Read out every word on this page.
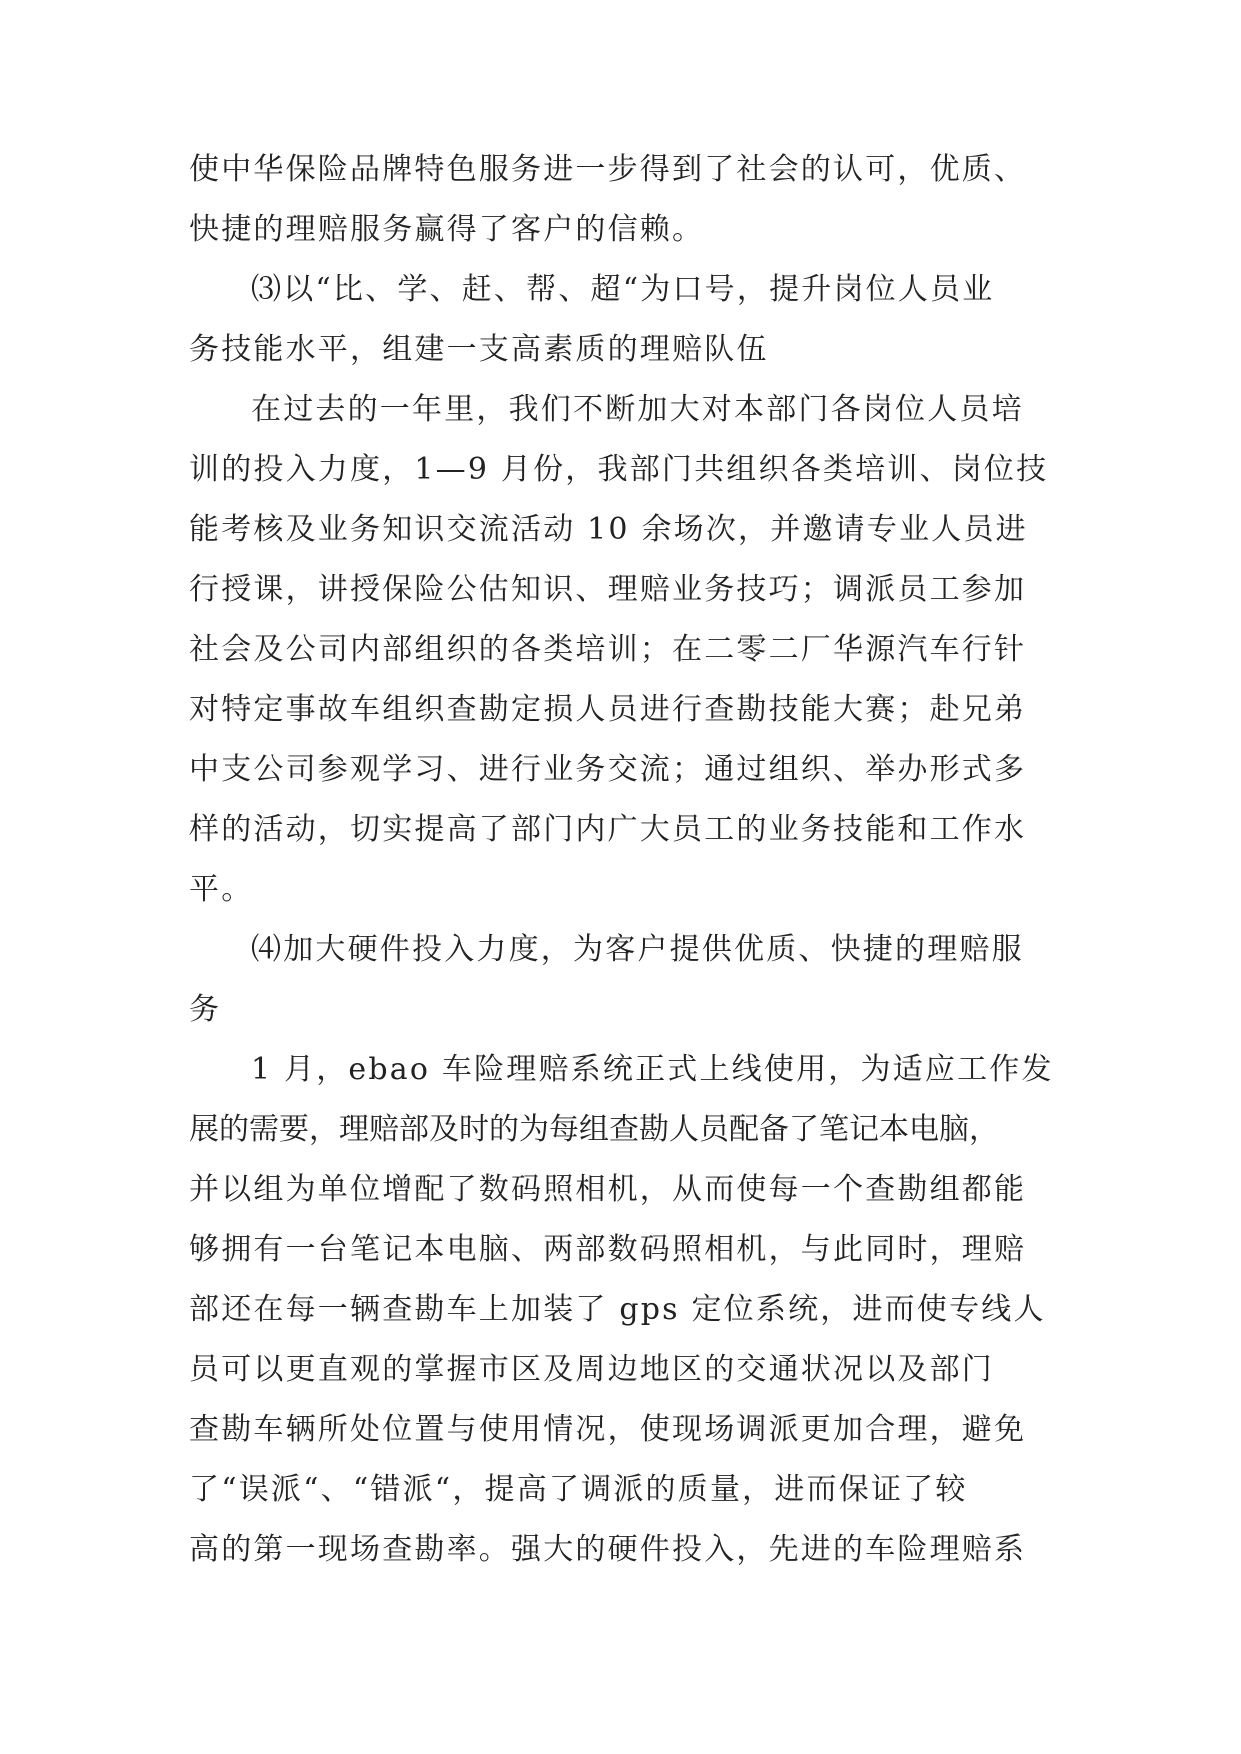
使中华保险品牌特色服务进一步得到了社会的认可，优质、
快捷的理赔服务赢得了客户的信赖。
⑶以“比、学、赶、帮、超“为口号，提升岗位人员业
务技能水平，组建一支高素质的理赔队伍
在过去的一年里，我们不断加大对本部门各岗位人员培
训的投入力度，1—9 月份，我部门共组织各类培训、岗位技
能考核及业务知识交流活动 10 余场次，并邀请专业人员进
行授课，讲授保险公估知识、理赔业务技巧；调派员工参加
社会及公司内部组织的各类培训；在二零二厂华源汽车行针
对特定事故车组织查勘定损人员进行查勘技能大赛；赴兄弟
中支公司参观学习、进行业务交流；通过组织、举办形式多
样的活动，切实提高了部门内广大员工的业务技能和工作水
平。
⑷加大硬件投入力度，为客户提供优质、快捷的理赔服
务
1 月，ebao 车险理赔系统正式上线使用，为适应工作发
展的需要，理赔部及时的为每组查勘人员配备了笔记本电脑，
并以组为单位增配了数码照相机，从而使每一个查勘组都能
够拥有一台笔记本电脑、两部数码照相机，与此同时，理赔
部还在每一辆查勘车上加装了 gps 定位系统，进而使专线人
员可以更直观的掌握市区及周边地区的交通状况以及部门
查勘车辆所处位置与使用情况，使现场调派更加合理，避免
了“误派“、“错派“，提高了调派的质量，进而保证了较
高的第一现场查勘率。强大的硬件投入，先进的车险理赔系
